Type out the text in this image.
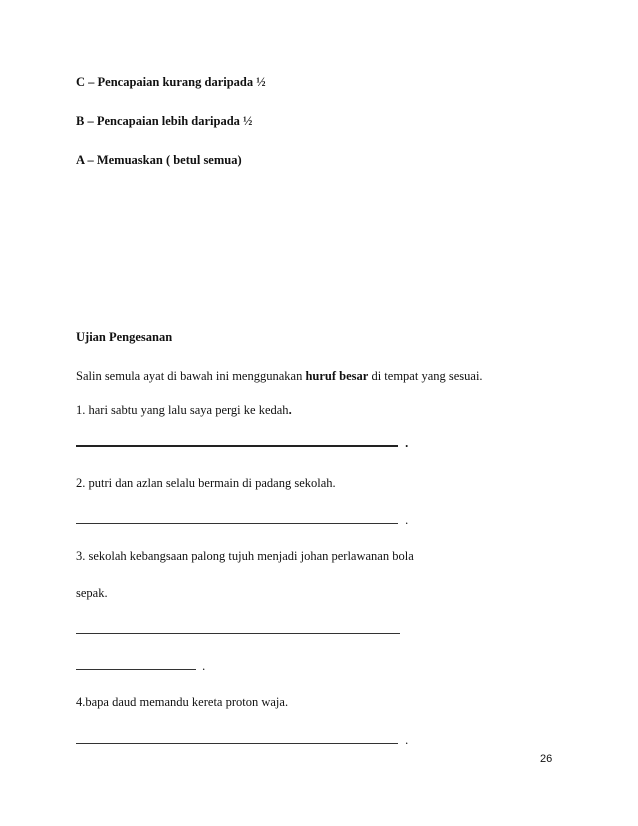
C – Pencapaian kurang daripada ½
B – Pencapaian lebih daripada ½
A – Memuaskan ( betul semua)
Ujian Pengesanan
Salin semula ayat di bawah ini menggunakan huruf besar di tempat yang sesuai.
1. hari sabtu yang lalu saya pergi ke kedah.
.
2. putri dan azlan selalu bermain di padang sekolah.
.
3. sekolah kebangsaan palong tujuh menjadi johan perlawanan bola
sepak.
.
4.bapa daud memandu kereta proton waja.
.
26
